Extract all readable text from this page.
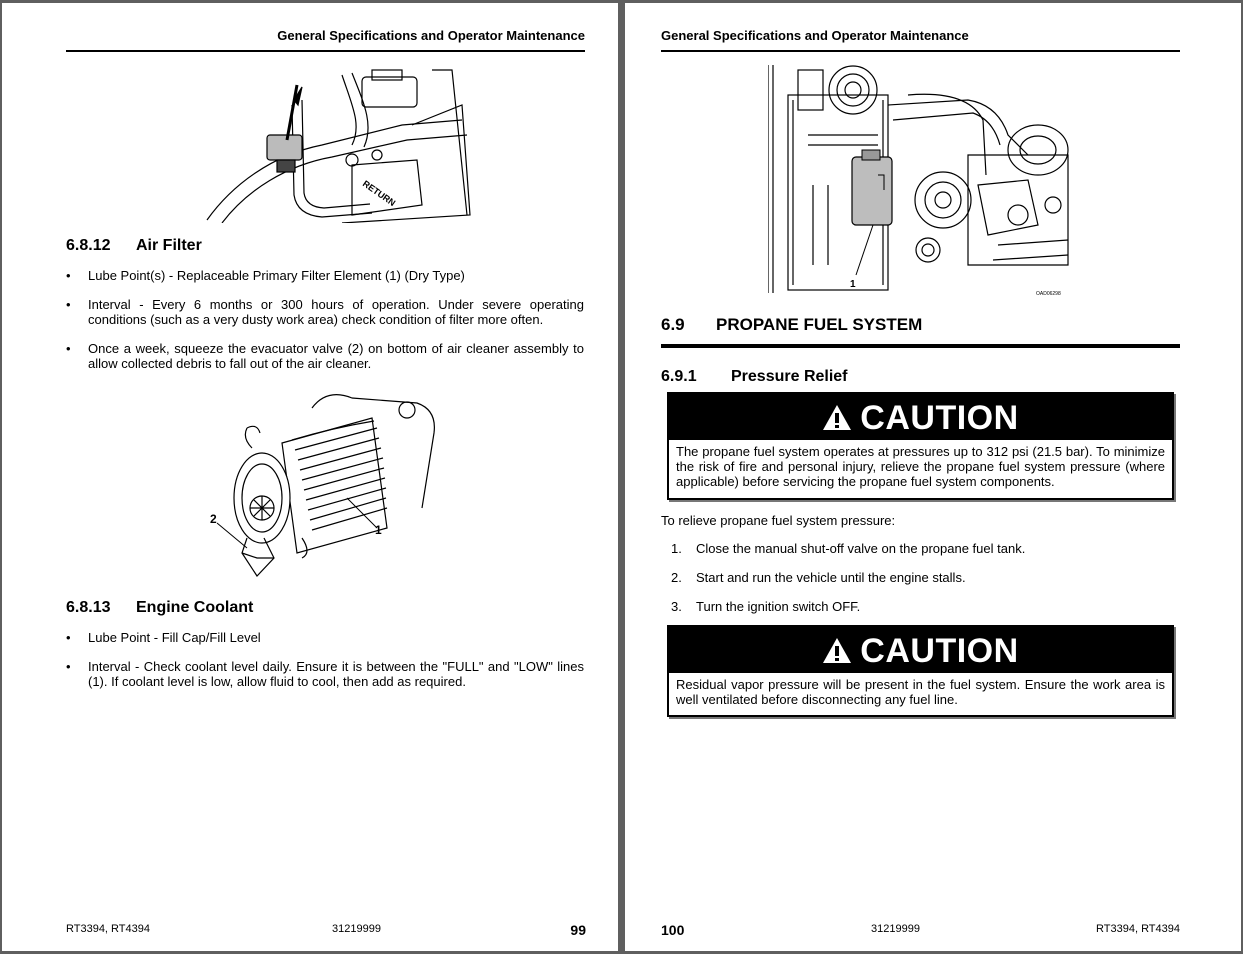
General Specifications and Operator Maintenance
RETURN
6.8.12 Air Filter
• Lube Point(s) - Replaceable Primary Filter Element (1) (Dry Type)
• Interval - Every 6 months or 300 hours of operation. Under severe operating conditions (such as a very dusty work area) check condition of filter more often.
• Once a week, squeeze the evacuator valve (2) on bottom of air cleaner assembly to allow collected debris to fall out of the air cleaner.
2
1
6.8.13 Engine Coolant
• Lube Point - Fill Cap/Fill Level
• Interval - Check coolant level daily. Ensure it is between the "FULL" and "LOW" lines (1). If coolant level is low, allow fluid to cool, then add as required.
RT3394, RT4394	31219999	99
General Specifications and Operator Maintenance
1
OAD06298
6.9 PROPANE FUEL SYSTEM
6.9.1 Pressure Relief
CAUTION
The propane fuel system operates at pressures up to 312 psi (21.5 bar). To minimize the risk of fire and personal injury, relieve the propane fuel system pressure (where applicable) before servicing the propane fuel system components.
To relieve propane fuel system pressure:
1. Close the manual shut-off valve on the propane fuel tank.
2. Start and run the vehicle until the engine stalls.
3. Turn the ignition switch OFF.
CAUTION
Residual vapor pressure will be present in the fuel system. Ensure the work area is well ventilated before disconnecting any fuel line.
100	31219999	RT3394, RT4394
